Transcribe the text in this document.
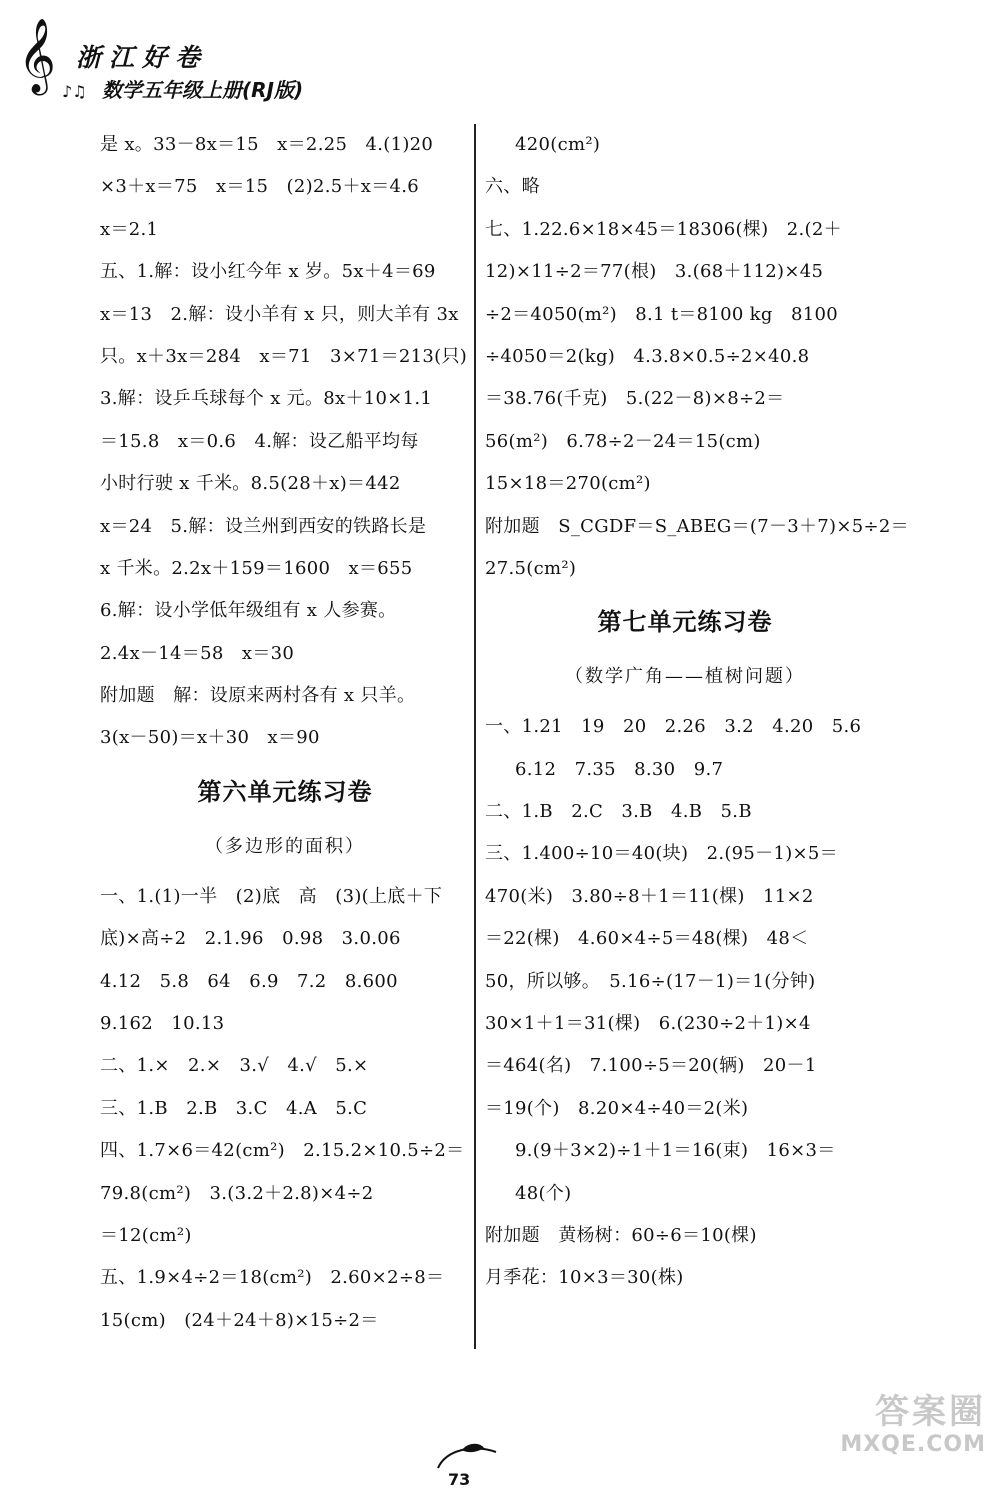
𝄞 ♪♫
浙江好卷
数学五年级上册(RJ版)
是 x。33－8x＝15　x＝2.25　4.(1)20
×3＋x＝75　x＝15　(2)2.5＋x＝4.6
x＝2.1
五、1.解：设小红今年 x 岁。5x＋4＝69
x＝13　2.解：设小羊有 x 只，则大羊有 3x
只。x＋3x＝284　x＝71　3×71＝213(只)
3.解：设乒乓球每个 x 元。8x＋10×1.1
＝15.8　x＝0.6　4.解：设乙船平均每
小时行驶 x 千米。8.5(28＋x)＝442
x＝24　5.解：设兰州到西安的铁路长是
x 千米。2.2x＋159＝1600　x＝655
6.解：设小学低年级组有 x 人参赛。
2.4x－14＝58　x＝30
附加题　解：设原来两村各有 x 只羊。
3(x－50)＝x＋30　x＝90
第六单元练习卷
（多边形的面积）
一、1.(1)一半　(2)底　高　(3)(上底＋下
底)×高÷2　2.1.96　0.98　3.0.06
4.12　5.8　64　6.9　7.2　8.600
9.162　10.13
二、1.×　2.×　3.√　4.√　5.×
三、1.B　2.B　3.C　4.A　5.C
四、1.7×6＝42(cm²)　2.15.2×10.5÷2＝
79.8(cm²)　3.(3.2＋2.8)×4÷2
＝12(cm²)
五、1.9×4÷2＝18(cm²)　2.60×2÷8＝
15(cm)　(24＋24＋8)×15÷2＝
420(cm²)
六、略
七、1.22.6×18×45＝18306(棵)　2.(2＋
12)×11÷2＝77(根)　3.(68＋112)×45
÷2＝4050(m²)　8.1 t＝8100 kg　8100
÷4050＝2(kg)　4.3.8×0.5÷2×40.8
＝38.76(千克)　5.(22－8)×8÷2＝
56(m²)　6.78÷2－24＝15(cm)
15×18＝270(cm²)
附加题　S_CGDF＝S_ABEG＝(7－3＋7)×5÷2＝
27.5(cm²)
第七单元练习卷
（数学广角——植树问题）
一、1.21　19　20　2.26　3.2　4.20　5.6
6.12　7.35　8.30　9.7
二、1.B　2.C　3.B　4.B　5.B
三、1.400÷10＝40(块)　2.(95－1)×5＝
470(米)　3.80÷8＋1＝11(棵)　11×2
＝22(棵)　4.60×4÷5＝48(棵)　48＜
50，所以够。　5.16÷(17－1)＝1(分钟)
30×1＋1＝31(棵)　6.(230÷2＋1)×4
＝464(名)　7.100÷5＝20(辆)　20－1
＝19(个)　8.20×4÷40＝2(米)
9.(9＋3×2)÷1＋1＝16(束)　16×3＝
48(个)
附加题　黄杨树：60÷6＝10(棵)
月季花：10×3＝30(株)
73
答案圈
MXQE.COM
